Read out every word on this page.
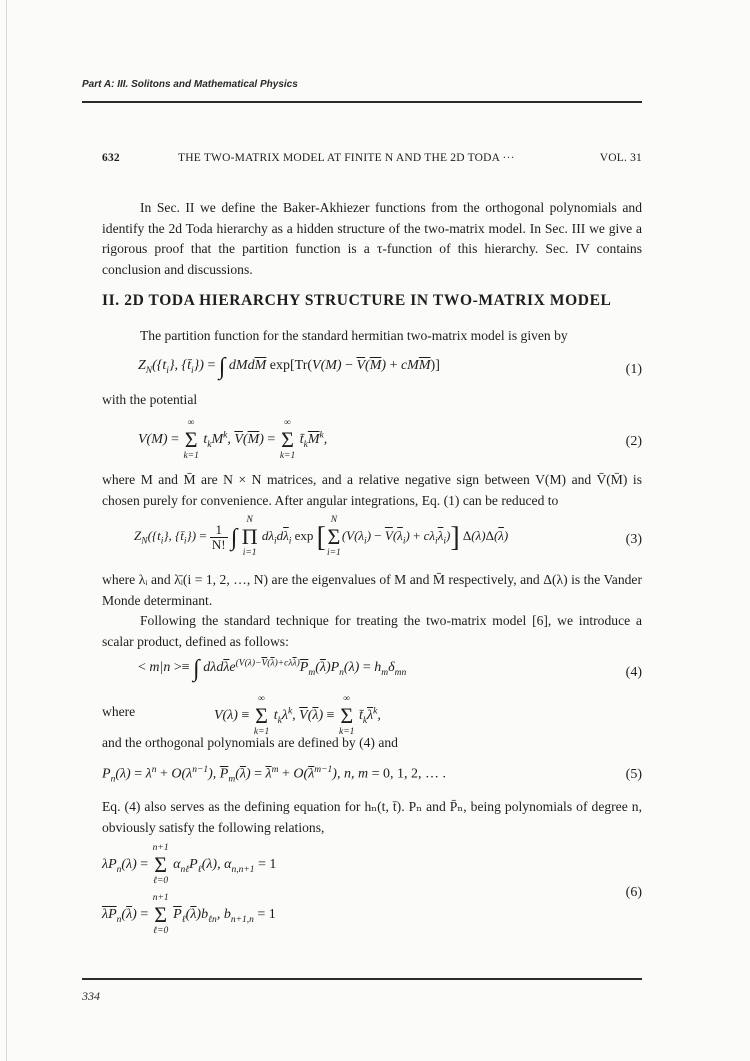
Part A: III. Solitons and Mathematical Physics
632	THE TWO-MATRIX MODEL AT FINITE N AND THE 2D TODA ···	VOL. 31
In Sec. II we define the Baker-Akhiezer functions from the orthogonal polynomials and identify the 2d Toda hierarchy as a hidden structure of the two-matrix model. In Sec. III we give a rigorous proof that the partition function is a τ-function of this hierarchy. Sec. IV contains conclusion and discussions.
II. 2D TODA HIERARCHY STRUCTURE IN TWO-MATRIX MODEL
The partition function for the standard hermitian two-matrix model is given by
$Z_N(\{t_i\}$, $\{t̄_i\}$) = ∫ $dMd\overline{M}$ $\exp[Tr(V(M) - \overline{V}(\overline{M}) + cM\overline{M})]$	(1)
with the potential
V(M) =
∞
Σ
k=1
$t_kM^k$, $\overline{V}(\overline{M})$ =
∞
Σ
k=1
$t̄_k\overline{M}^k$,	(2)
where M and M̄ are N × N matrices, and a relative negative sign between V(M) and V̄(M̄) is chosen purely for convenience. After angular integrations, Eq. (1) can be reduced to
$Z_N(\{t_i\}$, $\{t̄_i\}) = \frac{1}{N!}$ ∫
N
Π
i=1
$d\lambda_id\overline{\lambda}_i$ exp [
N
Σ
i=1
$(V(\lambda_i) - \overline{V}(\overline{\lambda}_i) + c\lambda_i\overline{\lambda}_i)$] $\Delta(\lambda)\Delta(\overline{\lambda})$	(3)
where λᵢ and λ̄ᵢ(i = 1, 2, …, N) are the eigenvalues of M and M̄ respectively, and Δ(λ) is the Vander Monde determinant.
Following the standard technique for treating the two-matrix model [6], we introduce a scalar product, defined as follows:
< m|n >≡ ∫ $d\lambda d\overline{\lambda}e^{(V(\lambda)-\overline{V}(\overline{\lambda})+c\lambda\overline{\lambda})}\overline{P}_m(\overline{\lambda})P_n(\lambda) = h_m\delta_{mn}$	(4)
where	V(λ) ≡
∞
Σ
k=1
$t_k\lambda^k$, $\overline{V}(\overline{\lambda})$ ≡
∞
Σ
k=1
$t̄_k\overline{\lambda}^k$,
and the orthogonal polynomials are defined by (4) and
$P_n(\lambda) = \lambda^n + O(\lambda^{n-1})$, $\overline{P}_m(\overline{\lambda}) = \overline{\lambda}^m + O(\overline{\lambda}^{m-1})$, n, m = 0, 1, 2, … .	(5)
Eq. (4) also serves as the defining equation for hₙ(t, t̄). Pₙ and P̄ₙ, being polynomials of degree n, obviously satisfy the following relations,
$\lambda P_n(\lambda)$ =
n+1
Σ
ℓ=0
$\alpha_{n\ell}P_\ell(\lambda)$, $\alpha_{n,n+1} = 1$
$\overline{\lambda}\overline{P}_n(\overline{\lambda})$ =
n+1
Σ
ℓ=0
$\overline{P}_\ell(\overline{\lambda})b_{\ell n}$, $b_{n+1,n} = 1$
(6)
334
